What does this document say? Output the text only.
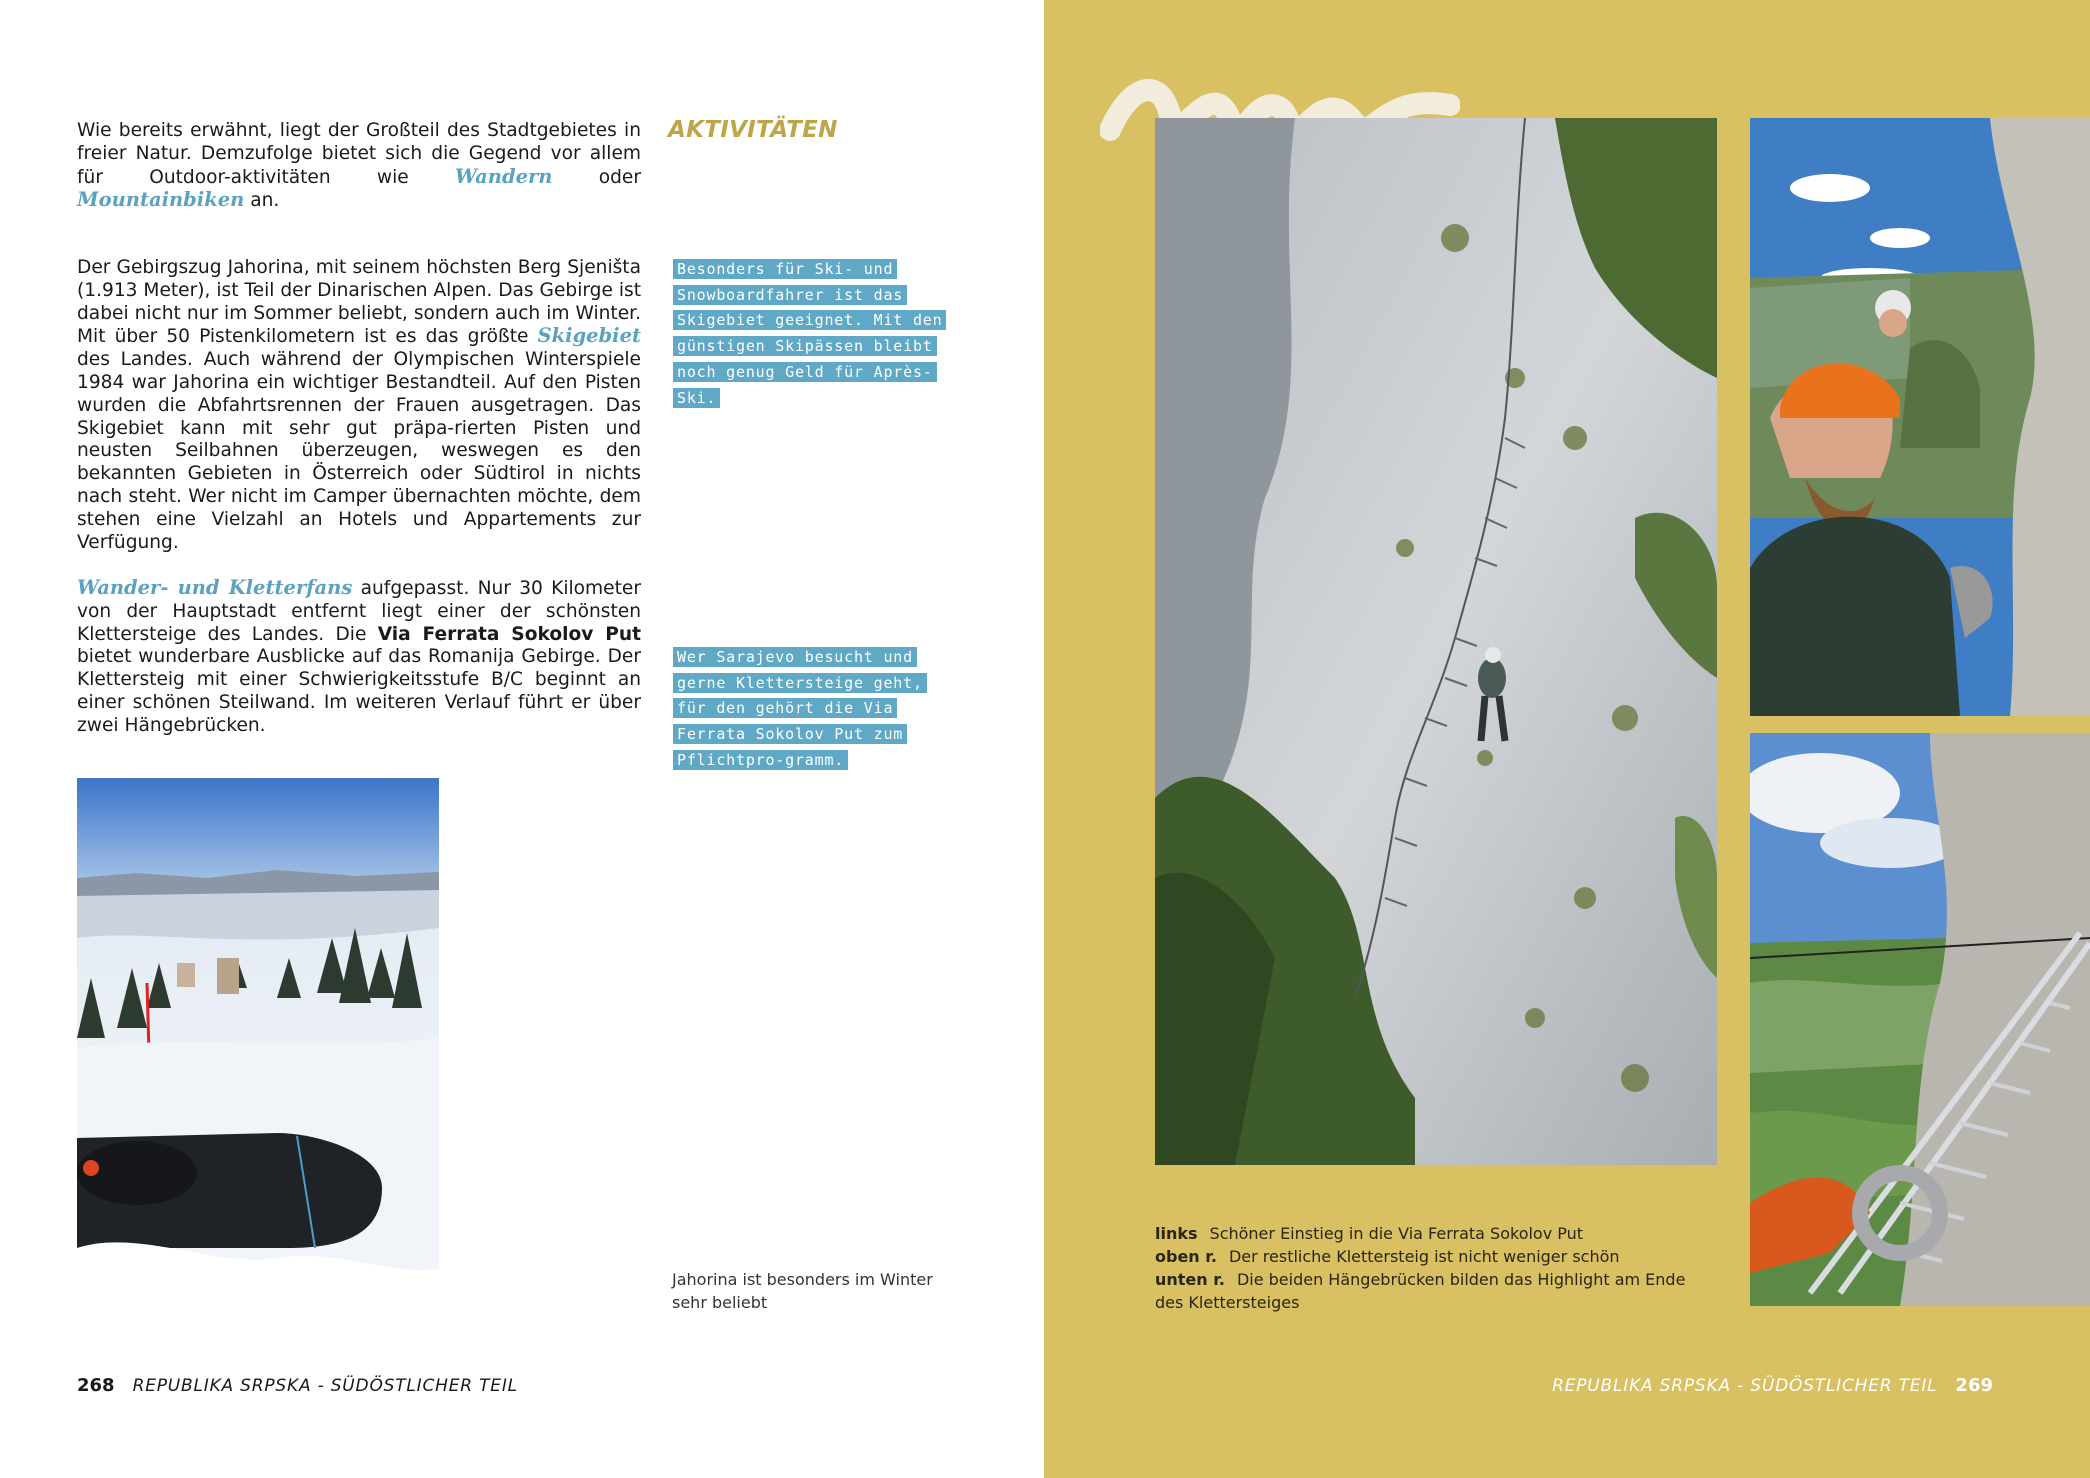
Wie bereits erwähnt, liegt der Großteil des Stadtgebietes in freier Natur. Demzufolge bietet sich die Gegend vor allem für Outdoor-aktivitäten wie Wandern oder Mountainbiken an.

Der Gebirgszug Jahorina, mit seinem höchsten Berg Sjeništa (1.913 Meter), ist Teil der Dinarischen Alpen. Das Gebirge ist dabei nicht nur im Sommer beliebt, sondern auch im Winter. Mit über 50 Pistenkilometern ist es das größte Skigebiet des Landes. Auch während der Olympischen Winterspiele 1984 war Jahorina ein wichtiger Bestandteil. Auf den Pisten wurden die Abfahrtsrennen der Frauen ausgetragen. Das Skigebiet kann mit sehr gut präpa-rierten Pisten und neusten Seilbahnen überzeugen, weswegen es den bekannten Gebieten in Österreich oder Südtirol in nichts nach steht. Wer nicht im Camper übernachten möchte, dem stehen eine Vielzahl an Hotels und Appartements zur Verfügung.

Wander- und Kletterfans aufgepasst. Nur 30 Kilometer von der Hauptstadt entfernt liegt einer der schönsten Klettersteige des Landes. Die Via Ferrata Sokolov Put bietet wunderbare Ausblicke auf das Romanija Gebirge. Der Klettersteig mit einer Schwierigkeitsstufe B/C beginnt an einer schönen Steilwand. Im weiteren Verlauf führt er über zwei Hängebrücken.

AKTIVITÄTEN
Besonders für Ski- und Snowboardfahrer ist das Skigebiet geeignet. Mit den günstigen Skipässen bleibt noch genug Geld für Après-Ski.
Wer Sarajevo besucht und gerne Klettersteige geht, für den gehört die Via Ferrata Sokolov Put zum Pflichtpro-gramm.
Jahorina ist besonders im Winter sehr beliebt
268 REPUBLIKA SRPSKA - SÜDÖSTLICHER TEIL
links Schöner Einstieg in die Via Ferrata Sokolov Put
oben r. Der restliche Klettersteig ist nicht weniger schön
unten r. Die beiden Hängebrücken bilden das Highlight am Ende des Klettersteiges
REPUBLIKA SRPSKA - SÜDÖSTLICHER TEIL 269
